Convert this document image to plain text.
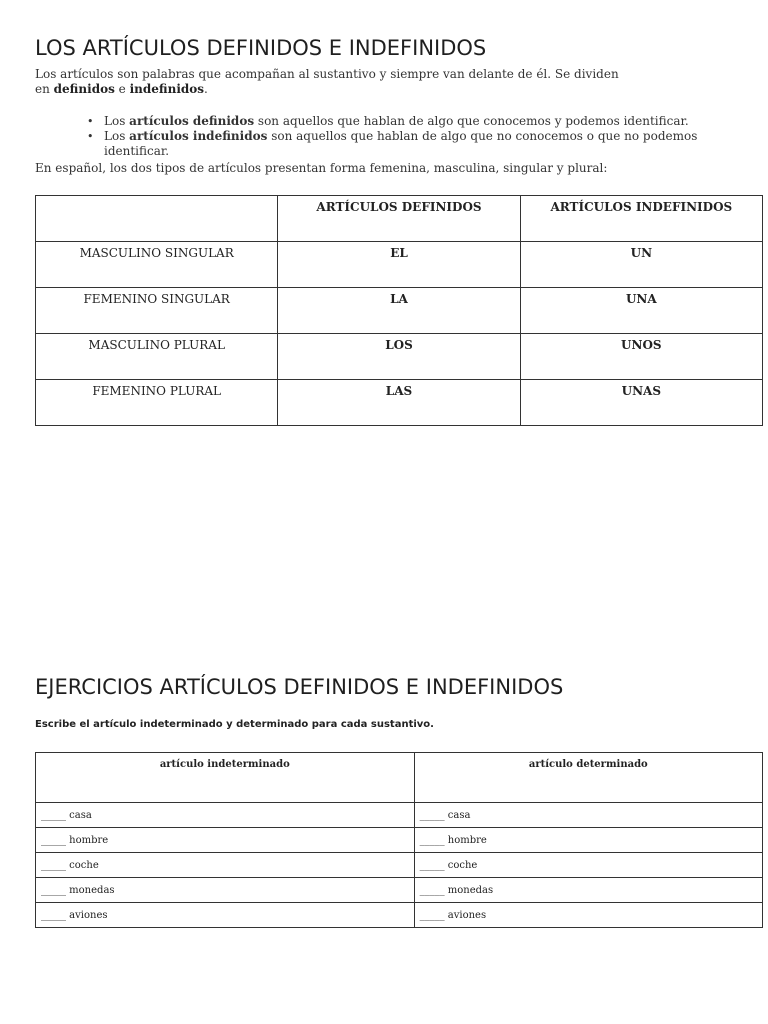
LOS ARTÍCULOS DEFINIDOS E INDEFINIDOS
Los artículos son palabras que acompañan al sustantivo y siempre van delante de él. Se dividen
en definidos e indefinidos.
• Los artículos definidos son aquellos que hablan de algo que conocemos y podemos identificar.
• Los artículos indefinidos son aquellos que hablan de algo que no conocemos o que no podemos identificar.
En español, los dos tipos de artículos presentan forma femenina, masculina, singular y plural:
	ARTÍCULOS DEFINIDOS	ARTÍCULOS INDEFINIDOS
MASCULINO SINGULAR	EL	UN
FEMENINO SINGULAR	LA	UNA
MASCULINO PLURAL	LOS	UNOS
FEMENINO PLURAL	LAS	UNAS
EJERCICIOS ARTÍCULOS DEFINIDOS E INDEFINIDOS
Escribe el artículo indeterminado y determinado para cada sustantivo.
artículo indeterminado	artículo determinado
_____ casa	_____ casa
_____ hombre	_____ hombre
_____ coche	_____ coche
_____ monedas	_____ monedas
_____ aviones	_____ aviones
